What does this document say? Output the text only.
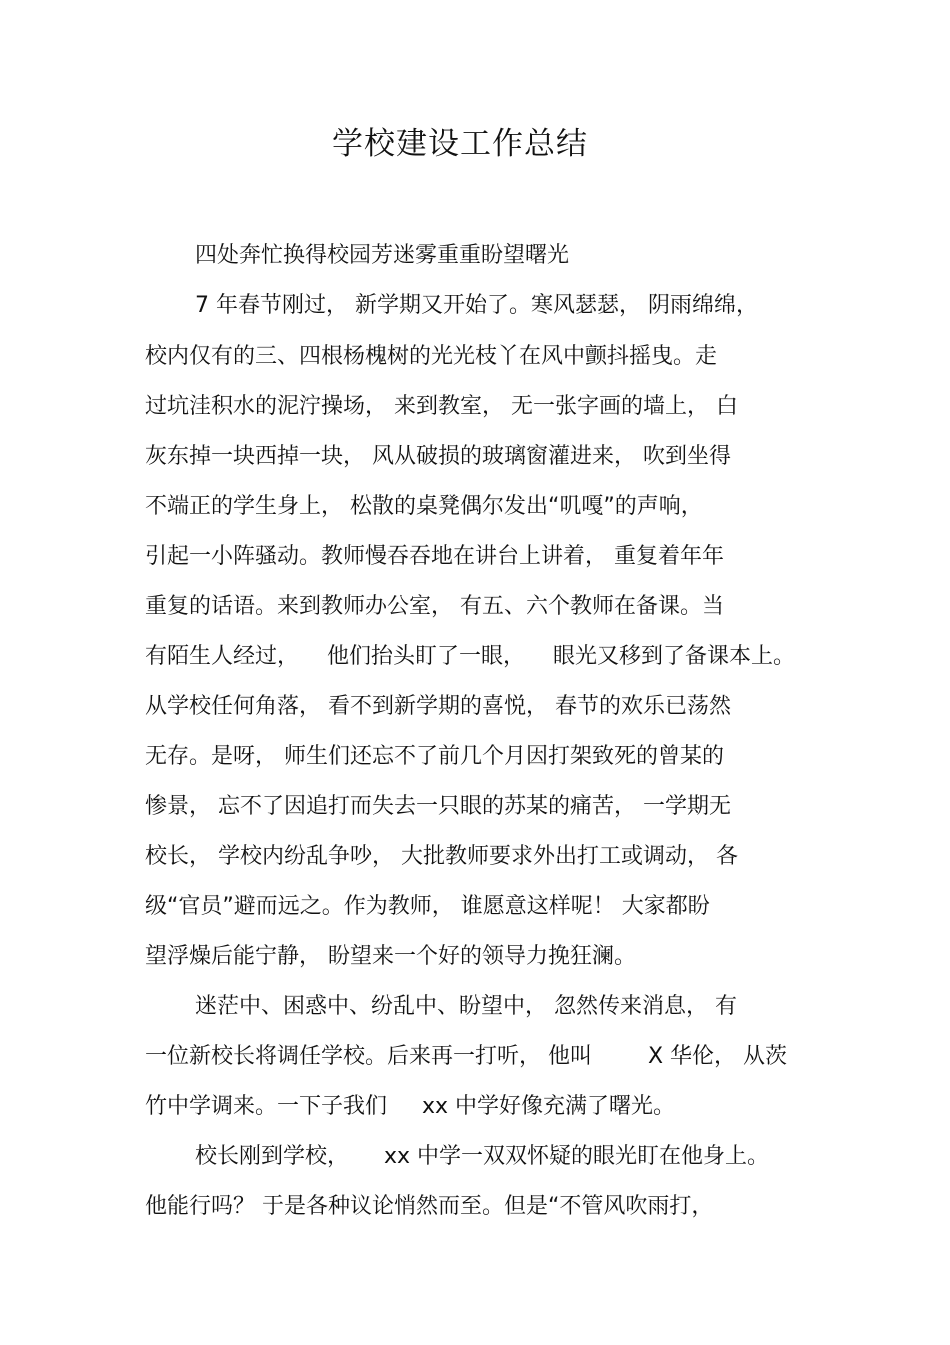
学校建设工作总结
四处奔忙换得校园芳迷雾重重盼望曙光
7 年春节刚过， 新学期又开始了。寒风瑟瑟， 阴雨绵绵，
校内仅有的三、四根杨槐树的光光枝丫在风中颤抖摇曳。走
过坑洼积水的泥泞操场， 来到教室， 无一张字画的墙上， 白
灰东掉一块西掉一块， 风从破损的玻璃窗灌进来， 吹到坐得
不端正的学生身上， 松散的桌凳偶尔发出“叽嘎”的声响，
引起一小阵骚动。教师慢吞吞地在讲台上讲着， 重复着年年
重复的话语。来到教师办公室， 有五、六个教师在备课。当
有陌生人经过，    他们抬头盯了一眼，    眼光又移到了备课本上。
从学校任何角落， 看不到新学期的喜悦， 春节的欢乐已荡然
无存。是呀， 师生们还忘不了前几个月因打架致死的曾某的
惨景， 忘不了因追打而失去一只眼的苏某的痛苦， 一学期无
校长， 学校内纷乱争吵， 大批教师要求外出打工或调动， 各
级“官员”避而远之。作为教师， 谁愿意这样呢！ 大家都盼
望浮燥后能宁静， 盼望来一个好的领导力挽狂澜。
迷茫中、困惑中、纷乱中、盼望中， 忽然传来消息， 有
一位新校长将调任学校。后来再一打听， 他叫        X 华伦， 从茨
竹中学调来。一下子我们     xx 中学好像充满了曙光。
校长刚到学校，     xx 中学一双双怀疑的眼光盯在他身上。
他能行吗？ 于是各种议论悄然而至。但是“不管风吹雨打，
